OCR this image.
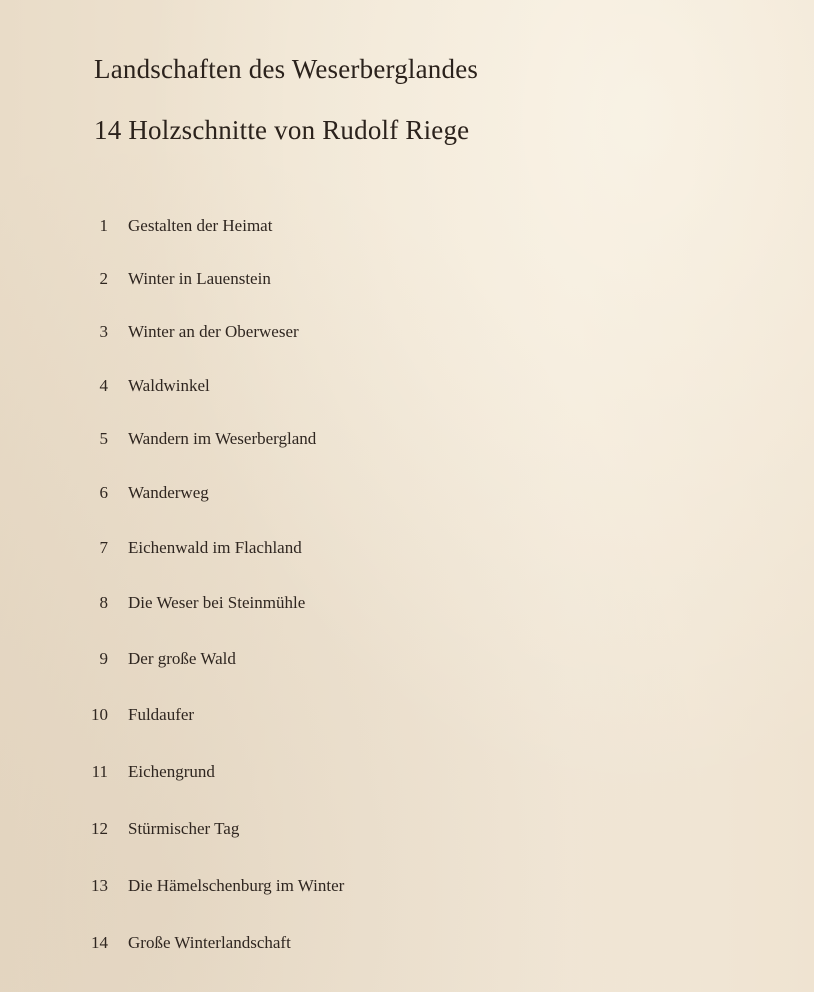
Landschaften des Weserberglandes
14 Holzschnitte von Rudolf Riege
1 Gestalten der Heimat
2 Winter in Lauenstein
3 Winter an der Oberweser
4 Waldwinkel
5 Wandern im Weserbergland
6 Wanderweg
7 Eichenwald im Flachland
8 Die Weser bei Steinmühle
9 Der große Wald
10 Fuldaufer
11 Eichengrund
12 Stürmischer Tag
13 Die Hämelschenburg im Winter
14 Große Winterlandschaft
